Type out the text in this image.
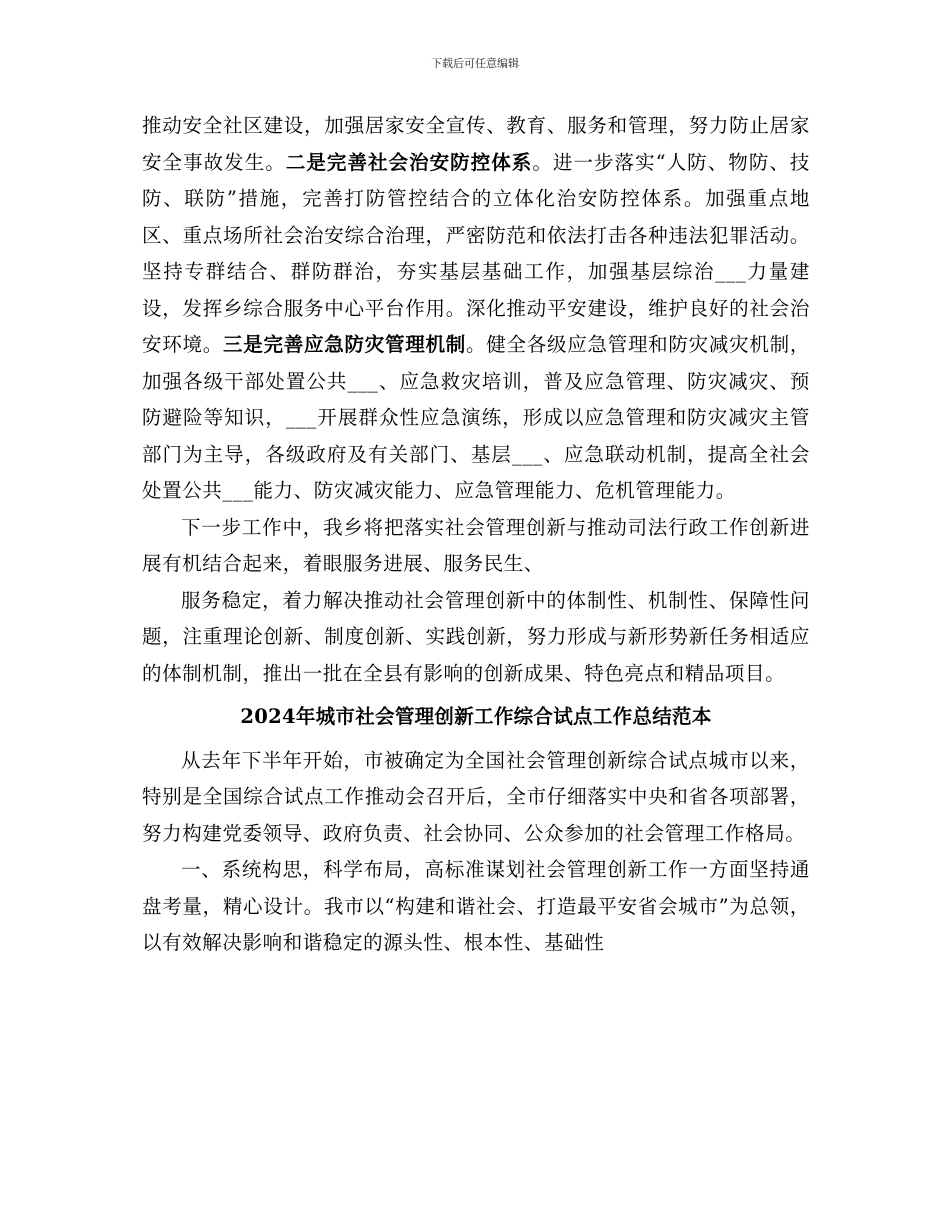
下载后可任意编辑

推动安全社区建设，加强居家安全宣传、教育、服务和管理，努力防止居家安全事故发生。二是完善社会治安防控体系。进一步落实“人防、物防、技防、联防”措施，完善打防管控结合的立体化治安防控体系。加强重点地区、重点场所社会治安综合治理，严密防范和依法打击各种违法犯罪活动。坚持专群结合、群防群治，夯实基层基础工作，加强基层综治___力量建设，发挥乡综合服务中心平台作用。深化推动平安建设，维护良好的社会治安环境。三是完善应急防灾管理机制。健全各级应急管理和防灾减灾机制，加强各级干部处置公共___、应急救灾培训，普及应急管理、防灾减灾、预防避险等知识，___开展群众性应急演练，形成以应急管理和防灾减灾主管部门为主导，各级政府及有关部门、基层___、应急联动机制，提高全社会处置公共___能力、防灾减灾能力、应急管理能力、危机管理能力。

下一步工作中，我乡将把落实社会管理创新与推动司法行政工作创新进展有机结合起来，着眼服务进展、服务民生、

服务稳定，着力解决推动社会管理创新中的体制性、机制性、保障性问题，注重理论创新、制度创新、实践创新，努力形成与新形势新任务相适应的体制机制，推出一批在全县有影响的创新成果、特色亮点和精品项目。

2024年城市社会管理创新工作综合试点工作总结范本

从去年下半年开始，市被确定为全国社会管理创新综合试点城市以来，特别是全国综合试点工作推动会召开后，全市仔细落实中央和省各项部署，努力构建党委领导、政府负责、社会协同、公众参加的社会管理工作格局。

一、系统构思，科学布局，高标准谋划社会管理创新工作一方面坚持通盘考量，精心设计。我市以“构建和谐社会、打造最平安省会城市”为总领，以有效解决影响和谐稳定的源头性、根本性、基础性
